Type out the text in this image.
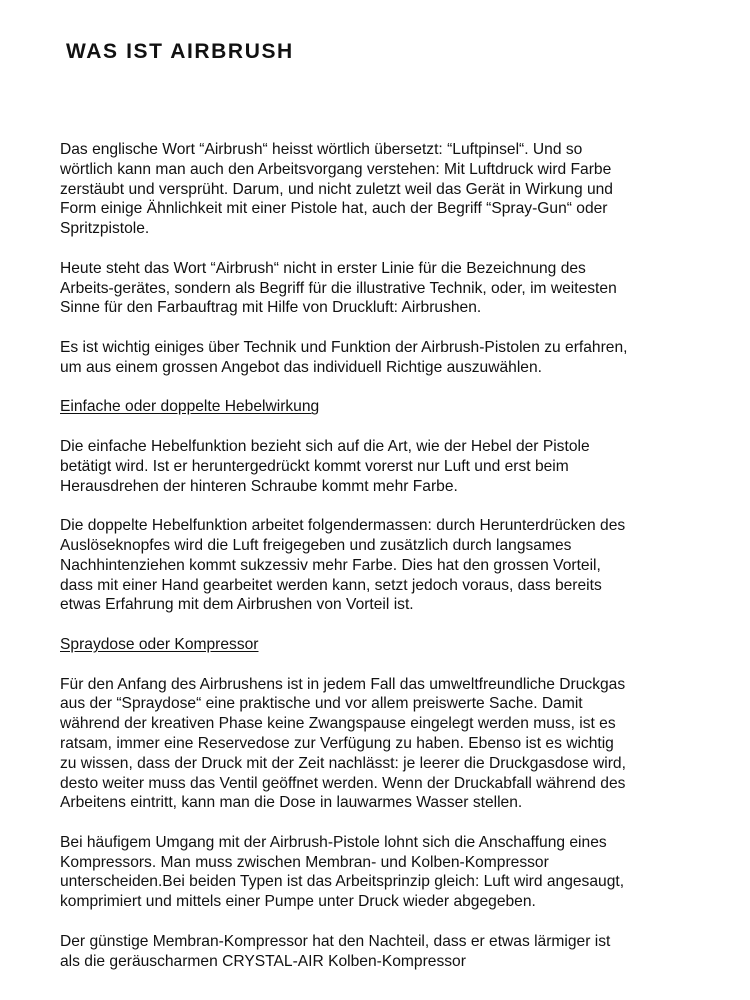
WAS IST AIRBRUSH

Das englische Wort “Airbrush“ heisst wörtlich übersetzt: “Luftpinsel“. Und so
wörtlich kann man auch den Arbeitsvorgang verstehen: Mit Luftdruck wird Farbe
zerstäubt und versprüht. Darum, und nicht zuletzt weil das Gerät in Wirkung und
Form einige Ähnlichkeit mit einer Pistole hat, auch der Begriff “Spray-Gun“ oder
Spritzpistole.

Heute steht das Wort “Airbrush“ nicht in erster Linie für die Bezeichnung des
Arbeits-gerätes, sondern als Begriff für die illustrative Technik, oder, im weitesten
Sinne für den Farbauftrag mit Hilfe von Druckluft: Airbrushen.

Es ist wichtig einiges über Technik und Funktion der Airbrush-Pistolen zu erfahren,
um aus einem grossen Angebot das individuell Richtige auszuwählen.

Einfache oder doppelte Hebelwirkung

Die einfache Hebelfunktion bezieht sich auf die Art, wie der Hebel der Pistole
betätigt wird. Ist er heruntergedrückt kommt vorerst nur Luft und erst beim
Herausdrehen der hinteren Schraube kommt mehr Farbe.

Die doppelte Hebelfunktion arbeitet folgendermassen: durch Herunterdrücken des
Auslöseknopfes wird die Luft freigegeben und zusätzlich durch langsames
Nachhintenziehen kommt sukzessiv mehr Farbe. Dies hat den grossen Vorteil,
dass mit einer Hand gearbeitet werden kann, setzt jedoch voraus, dass bereits
etwas Erfahrung mit dem Airbrushen von Vorteil ist.

Spraydose oder Kompressor

Für den Anfang des Airbrushens ist in jedem Fall das umweltfreundliche Druckgas
aus der “Spraydose“ eine praktische und vor allem preiswerte Sache. Damit
während der kreativen Phase keine Zwangspause eingelegt werden muss, ist es
ratsam, immer eine Reservedose zur Verfügung zu haben. Ebenso ist es wichtig
zu wissen, dass der Druck mit der Zeit nachlässt: je leerer die Druckgasdose wird,
desto weiter muss das Ventil geöffnet werden. Wenn der Druckabfall während des
Arbeitens eintritt, kann man die Dose in lauwarmes Wasser stellen.

Bei häufigem Umgang mit der Airbrush-Pistole lohnt sich die Anschaffung eines
Kompressors. Man muss zwischen Membran- und Kolben-Kompressor
unterscheiden.Bei beiden Typen ist das Arbeitsprinzip gleich: Luft wird angesaugt,
komprimiert und mittels einer Pumpe unter Druck wieder abgegeben.

Der günstige Membran-Kompressor hat den Nachteil, dass er etwas lärmiger ist
als die geräuscharmen CRYSTAL-AIR Kolben-Kompressor
